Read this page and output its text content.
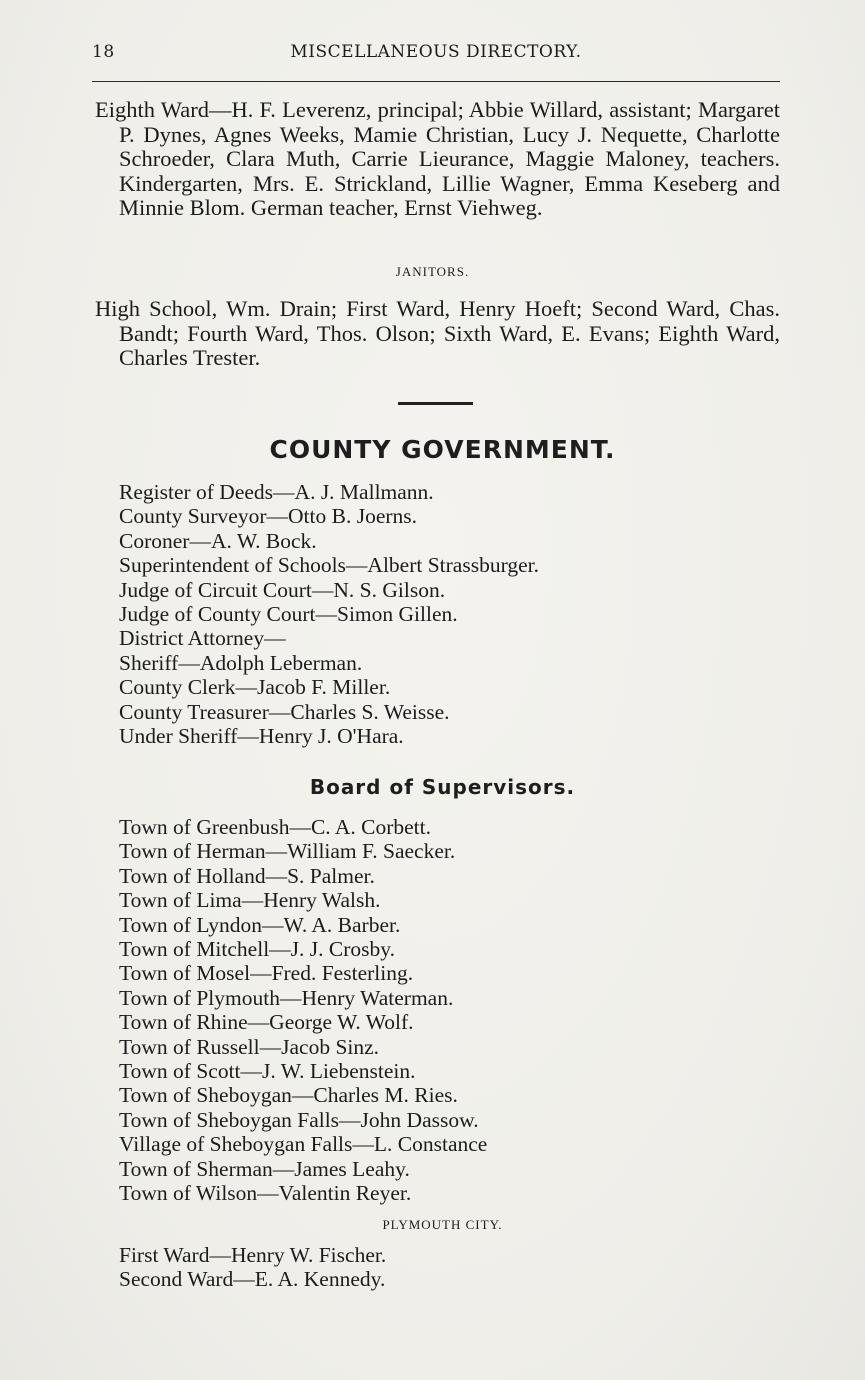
18	MISCELLANEOUS DIRECTORY.

Eighth Ward—H. F. Leverenz, principal; Abbie Willard, assistant; Margaret P. Dynes, Agnes Weeks, Mamie Christian, Lucy J. Nequette, Charlotte Schroeder, Clara Muth, Carrie Lieurance, Maggie Maloney, teachers. Kindergarten, Mrs. E. Strickland, Lillie Wagner, Emma Keseberg and Minnie Blom. German teacher, Ernst Viehweg.

JANITORS.

High School, Wm. Drain; First Ward, Henry Hoeft; Second Ward, Chas. Bandt; Fourth Ward, Thos. Olson; Sixth Ward, E. Evans; Eighth Ward, Charles Trester.

COUNTY GOVERNMENT.
Register of Deeds—A. J. Mallmann.
County Surveyor—Otto B. Joerns.
Coroner—A. W. Bock.
Superintendent of Schools—Albert Strassburger.
Judge of Circuit Court—N. S. Gilson.
Judge of County Court—Simon Gillen.
District Attorney—
Sheriff—Adolph Leberman.
County Clerk—Jacob F. Miller.
County Treasurer—Charles S. Weisse.
Under Sheriff—Henry J. O'Hara.
Board of Supervisors.
Town of Greenbush—C. A. Corbett.
Town of Herman—William F. Saecker.
Town of Holland—S. Palmer.
Town of Lima—Henry Walsh.
Town of Lyndon—W. A. Barber.
Town of Mitchell—J. J. Crosby.
Town of Mosel—Fred. Festerling.
Town of Plymouth—Henry Waterman.
Town of Rhine—George W. Wolf.
Town of Russell—Jacob Sinz.
Town of Scott—J. W. Liebenstein.
Town of Sheboygan—Charles M. Ries.
Town of Sheboygan Falls—John Dassow.
Village of Sheboygan Falls—L. Constance
Town of Sherman—James Leahy.
Town of Wilson—Valentin Reyer.
PLYMOUTH CITY.
First Ward—Henry W. Fischer.
Second Ward—E. A. Kennedy.
